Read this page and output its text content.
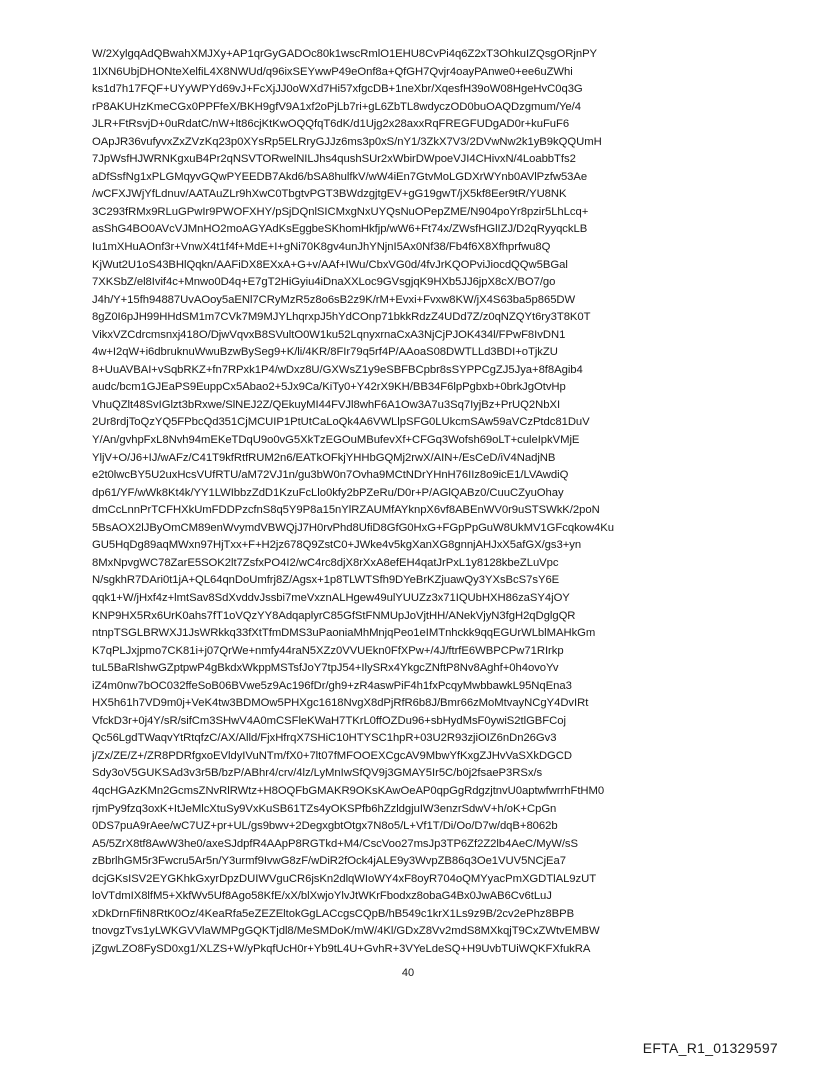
W/2XylgqAdQBwahXMJXy+AP1qrGyGADOc80k1wscRmlO1EHU8CvPi4q6Z2xT3OhkuIZQsgORjnPY
1lXN6UbjDHONteXelfiL4X8NWUd/q96ixSEYwwP49eOnf8a+QfGH7Qvjr4oayPAnwe0+ee6uZWhi
ks1d7h17FQF+UYyWPYd69vJ+FcXjJJ0oWXd7Hi57xfgcDB+1neXbr/XqesfH39oW08HgeHvC0q3G
rP8AKUHzKmeCGx0PPFfeX/BKH9gfV9A1xf2oPjLb7ri+gL6ZbTL8wdyczOD0buOAQDzgmum/Ye/4
JLR+FtRsvjD+0uRdatC/nW+lt86cjKtKwOQQfqT6dK/d1Ujg2x28axxRqFREGFUDgAD0r+kuFuF6
OApJR36vufyvxZxZVzKq23p0XYsRp5ELRryGJJz6ms3p0xS/nY1/3ZkX7V3/2DVwNw2k1yB9kQQUmH
7JpWsfHJWRNKgxuB4Pr2qNSVTORwelNILJhs4qushSUr2xWbirDWpoeVJI4CHivxN/4LoabbTfs2
aDfSsfNg1xPLGMqyvGQwPYEEDB7Akd6/bSA8hulfkV/wW4iEn7GtvMoLGDXrWYnb0AVlPzfw53Ae
/wCFXJWjYfLdnuv/AATAuZLr9hXwC0TbgtvPGT3BWdzgjtgEV+gG19gwT/jX5kf8Eer9tR/YU8NK
3C293fRMx9RLuGPwIr9PWOFXHY/pSjDQnlSICMxgNxUYQsNuOPepZME/N904poYr8pzir5LhLcq+
asShG4BO0AVcVJMnHO2moAGYAdKsEggbeSKhomHkfjp/wW6+Ft74x/ZWsfHGlIZJ/D2qRyyqckLB
Iu1mXHuAOnf3r+VnwX4t1f4f+MdE+I+gNi70K8gv4unJhYNjnI5Ax0Nf38/Fb4f6X8Xfhprfwu8Q
KjWut2U1oS43BHlQqkn/AAFiDX8EXxA+G+v/AAf+IWu/CbxVG0d/4fvJrKQOPviJiocdQQw5BGal
7XKSbZ/el8Ivif4c+Mnwo0D4q+E7gT2HiGyiu4iDnaXXLoc9GVsgjqK9HXb5JJ6jpX8cX/BO7/go
J4h/Y+15fh94887UvAOoy5aENl7CRyMzR5z8o6sB2z9K/rM+Evxi+Fvxw8KW/jX4S63ba5p865DW
8gZ0I6pJH99HHdSM1m7CVk7M9MJYLhqrxpJ5hYdCOnp71bkkRdzZ4UDd7Z/z0qNZQYt6ry3T8K0T
VikxVZCdrcmsnxj418O/DjwVqvxB8SVultO0W1ku52LqnyxrnaCxA3NjCjPJOK434l/FPwF8IvDN1
4w+I2qW+i6dbruknuWwuBzwBySeg9+K/li/4KR/8FIr79q5rf4P/AAoaS08DWTLLd3BDI+oTjkZU
8+UuAVBAI+vSqbRKZ+fn7RPxk1P4/wDxz8U/GXWsZ1y9eSBFBCpbr8sSYPPCgZJ5Jya+8f8Agib4
audc/bcm1GJEaPS9EuppCx5Abao2+5Jx9Ca/KiTy0+Y42rX9KH/BB34F6lpPgbxb+0brkJgOtvHp
VhuQZlt48SvIGlzt3bRxwe/SlNEJ2Z/QEkuyMI44FVJl8whF6A1Ow3A7u3Sq7IyjBz+PrUQ2NbXI
2Ur8rdjToQzYQ5FPbcQd351CjMCUIP1PtUtCaLoQk4A6VWLlpSFG0LUkcmSAw59aVCzPtdc81DuV
Y/An/gvhpFxL8Nvh94mEKeTDqU9o0vG5XkTzEGOuMBufevXf+CFGq3Wofsh69oLT+culeIpkVMjE
YljV+O/J6+IJ/wAFz/C41T9kfRtfRUM2n6/EATkOFkjYHHbGQMj2rwX/AIN+/EsCeD/iV4NadjNB
e2t0lwcBY5U2uxHcsVUfRTU/aM72VJ1n/gu3bW0n7Ovha9MCtNDrYHnH76IIz8o9icE1/LVAwdiQ
dp61/YF/wWk8Kt4k/YY1LWIbbzZdD1KzuFcLlo0kfy2bPZeRu/D0r+P/AGlQABz0/CuuCZyuOhay
dmCcLnnPrTCFHXkUmFDDPzcfnS8q5Y9P8a15nYlRZAUMfAYknpX6vf8ABEnWV0r9uSTSWkK/2poN
5BsAOX2lJByOmCM89enWvymdVBWQjJ7H0rvPhd8UfiD8GfG0HxG+FGpPpGuW8UkMV1GFcqkow4Ku
GU5HqDg89aqMWxn97HjTxx+F+H2jz678Q9ZstC0+JWke4v5kgXanXG8gnnjAHJxX5afGX/gs3+yn
8MxNpvgWC78ZarE5SOK2lt7ZsfxPO4I2/wC4rc8djX8rXxA8efEH4qatJrPxL1y8128kbeZLuVpc
N/sgkhR7DAri0t1jA+QL64qnDoUmfrj8Z/Agsx+1p8TLWTSfh9DYeBrKZjuawQy3YXsBcS7sY6E
qqk1+W/jHxf4z+lmtSav8SdXvddvJssbi7meVxznALHgew49ulYUUZz3x71IQUbHXH86zaSY4jOY
KNP9HX5Rx6UrK0ahs7fT1oVQzYY8AdqaplyrC85GfStFNMUpJoVjtHH/ANekVjyN3fgH2qDglgQR
ntnpTSGLBRWXJ1JsWRkkq33fXtTfmDMS3uPaoniaMhMnjqPeo1eIMTnhckk9qqEGUrWLblMAHkGm
K7qPLJxjpmo7CK81i+j07QrWe+nmfy44raN5XZz0VVUEkn0FfXPw+/4J/ftrfE6WBPCPw71RIrkp
tuL5BaRlshwGZptpwP4gBkdxWkppMSTsfJoY7tpJ54+IlySRx4YkgcZNftP8Nv8Aghf+0h4ovoYv
iZ4m0nw7bOC032ffeSoB06BVwe5z9Ac196fDr/gh9+zR4aswPiF4h1fxPcqyMwbbawkL95NqEna3
HX5h61h7VD9m0j+VeK4tw3BDMOw5PHXgc1618NvgX8dPjRfR6b8J/Bmr66zMoMtvayNCgY4DvIRt
VfckD3r+0j4Y/sR/sifCm3SHwV4A0mCSFleKWaH7TKrL0ffOZDu96+sbHydMsF0ywiS2tlGBFCoj
Qc56LgdTWaqvYtRtqfzC/AX/Alld/FjxHfrqX7SHiC10HTYSC1hpR+03U2R93zjiOIZ6nDn26Gv3
j/Zx/ZE/Z+/ZR8PDRfgxoEVldyIVuNTm/fX0+7lt07fMFOOEXCgcAV9MbwYfKxgZJHvVaSXkDGCD
Sdy3oV5GUKSAd3v3r5B/bzP/ABhr4/crv/4lz/LyMnIwSfQV9j3GMAY5Ir5C/b0j2fsaeP3RSx/s
4qcHGAzKMn2GcmsZNvRlRWtz+H8OQFbGMAKR9OKsKAwOeAP0qpGgRdgzjtnvU0aptwfwrrhFtHM0
rjmPy9fzq3oxK+ItJeMlcXtuSy9VxKuSB61TZs4yOKSPfb6hZzldgjuIW3enzrSdwV+h/oK+CpGn
0DS7puA9rAee/wC7UZ+pr+UL/gs9bwv+2DegxgbtOtgx7N8o5/L+Vf1T/Di/Oo/D7w/dqB+8062b
A5/5ZrX8tf8AwW3he0/axeSJdpfR4AApP8RGTkd+M4/CscVoo27msJp3TP6Zf2Z2lb4AeC/MyW/sS
zBbrlhGM5r3Fwcru5Ar5n/Y3urmf9IvwG8zF/wDiR2fOck4jALE9y3WvpZB86q3Oe1VUV5NCjEa7
dcjGKsISV2EYGKhkGxyrDpzDUIWVguCR6jsKn2dlqWIoWY4xF8oyR704oQMYyacPmXGDTlAL9zUT
loVTdmIX8lfM5+XkfWv5Uf8Ago58KfE/xX/blXwjoYlvJtWKrFbodxz8obaG4Bx0JwAB6Cv6tLuJ
xDkDrnFfiN8RtK0Oz/4KeaRfa5eZEZEltokGgLACcgsCQpB/hB549c1krX1Ls9z9B/2cv2ePhz8BPB
tnovgzTvs1yLWKGVVlaWMPgGQKTjdl8/MeSMDoK/mW/4Kl/GDxZ8Vv2mdS8MXkqjT9CxZWtvEMBW
jZgwLZO8FySD0xg1/XLZS+W/yPkqfUcH0r+Yb9tL4U+GvhR+3VYeLdeSQ+H9UvbTUiWQKFXfukRA
40
EFTA_R1_01329597
